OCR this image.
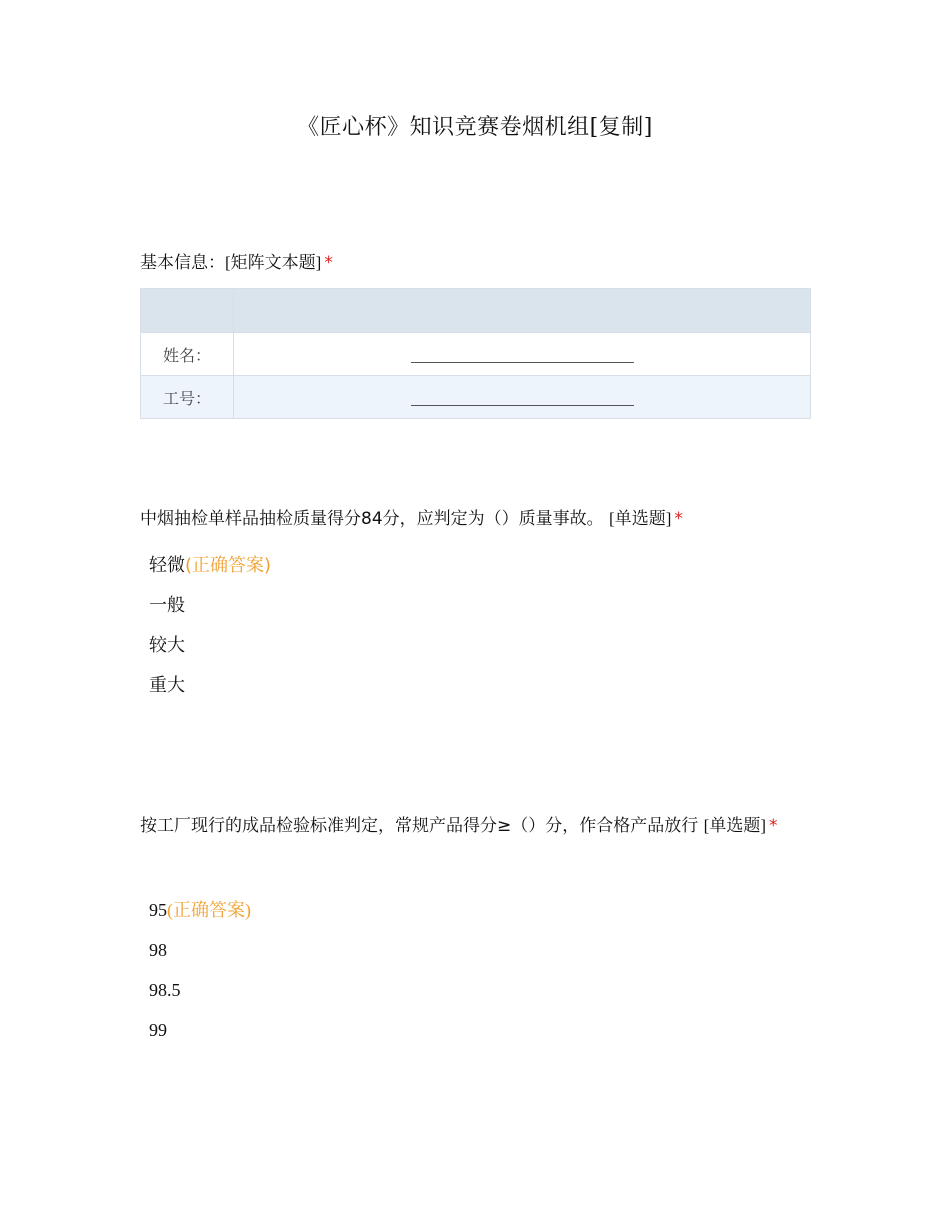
《匠心杯》知识竞赛卷烟机组[复制]
基本信息：[矩阵文本题] *

姓名：	
工号：	
中烟抽检单样品抽检质量得分84分，应判定为（）质量事故。 [单选题] *
轻微(正确答案)
一般
较大
重大
按工厂现行的成品检验标准判定，常规产品得分≥（）分，作合格产品放行 [单选题] *
95(正确答案)
98
98.5
99
